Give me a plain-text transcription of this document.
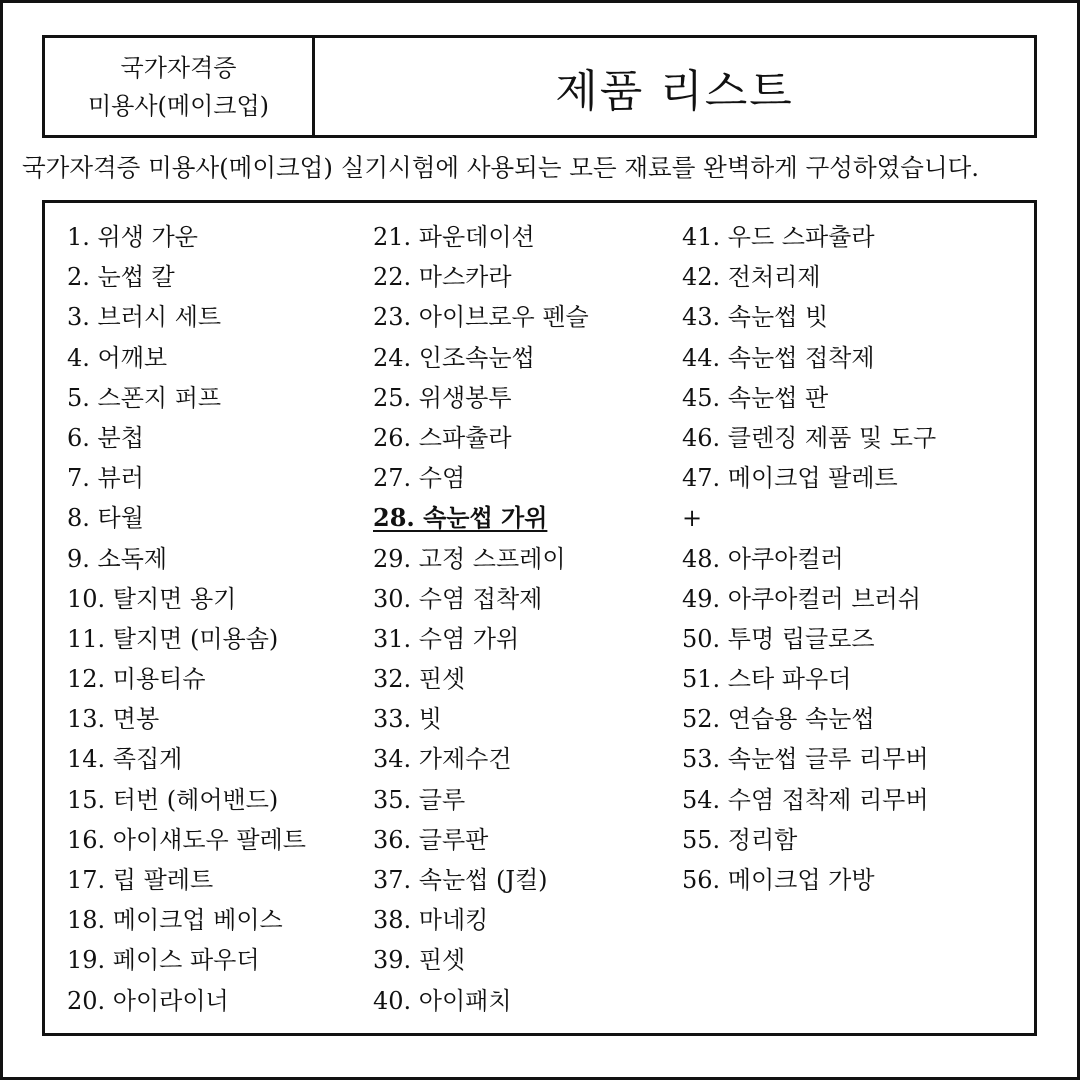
국가자격증
미용사(메이크업)	제품 리스트
국가자격증 미용사(메이크업) 실기시험에 사용되는 모든 재료를 완벽하게 구성하였습니다.
1. 위생 가운
2. 눈썹 칼
3. 브러시 세트
4. 어깨보
5. 스폰지 퍼프
6. 분첩
7. 뷰러
8. 타월
9. 소독제
10. 탈지면 용기
11. 탈지면 (미용솜)
12. 미용티슈
13. 면봉
14. 족집게
15. 터번 (헤어밴드)
16. 아이섀도우 팔레트
17. 립 팔레트
18. 메이크업 베이스
19. 페이스 파우더
20. 아이라이너
21. 파운데이션
22. 마스카라
23. 아이브로우 펜슬
24. 인조속눈썹
25. 위생봉투
26. 스파츌라
27. 수염
28. 속눈썹 가위
29. 고정 스프레이
30. 수염 접착제
31. 수염 가위
32. 핀셋
33. 빗
34. 가제수건
35. 글루
36. 글루판
37. 속눈썹 (J컬)
38. 마네킹
39. 핀셋
40. 아이패치
41. 우드 스파츌라
42. 전처리제
43. 속눈썹 빗
44. 속눈썹 접착제
45. 속눈썹 판
46. 클렌징 제품 및 도구
47. 메이크업 팔레트
+
48. 아쿠아컬러
49. 아쿠아컬러 브러쉬
50. 투명 립글로즈
51. 스타 파우더
52. 연습용 속눈썹
53. 속눈썹 글루 리무버
54. 수염 접착제 리무버
55. 정리함
56. 메이크업 가방
